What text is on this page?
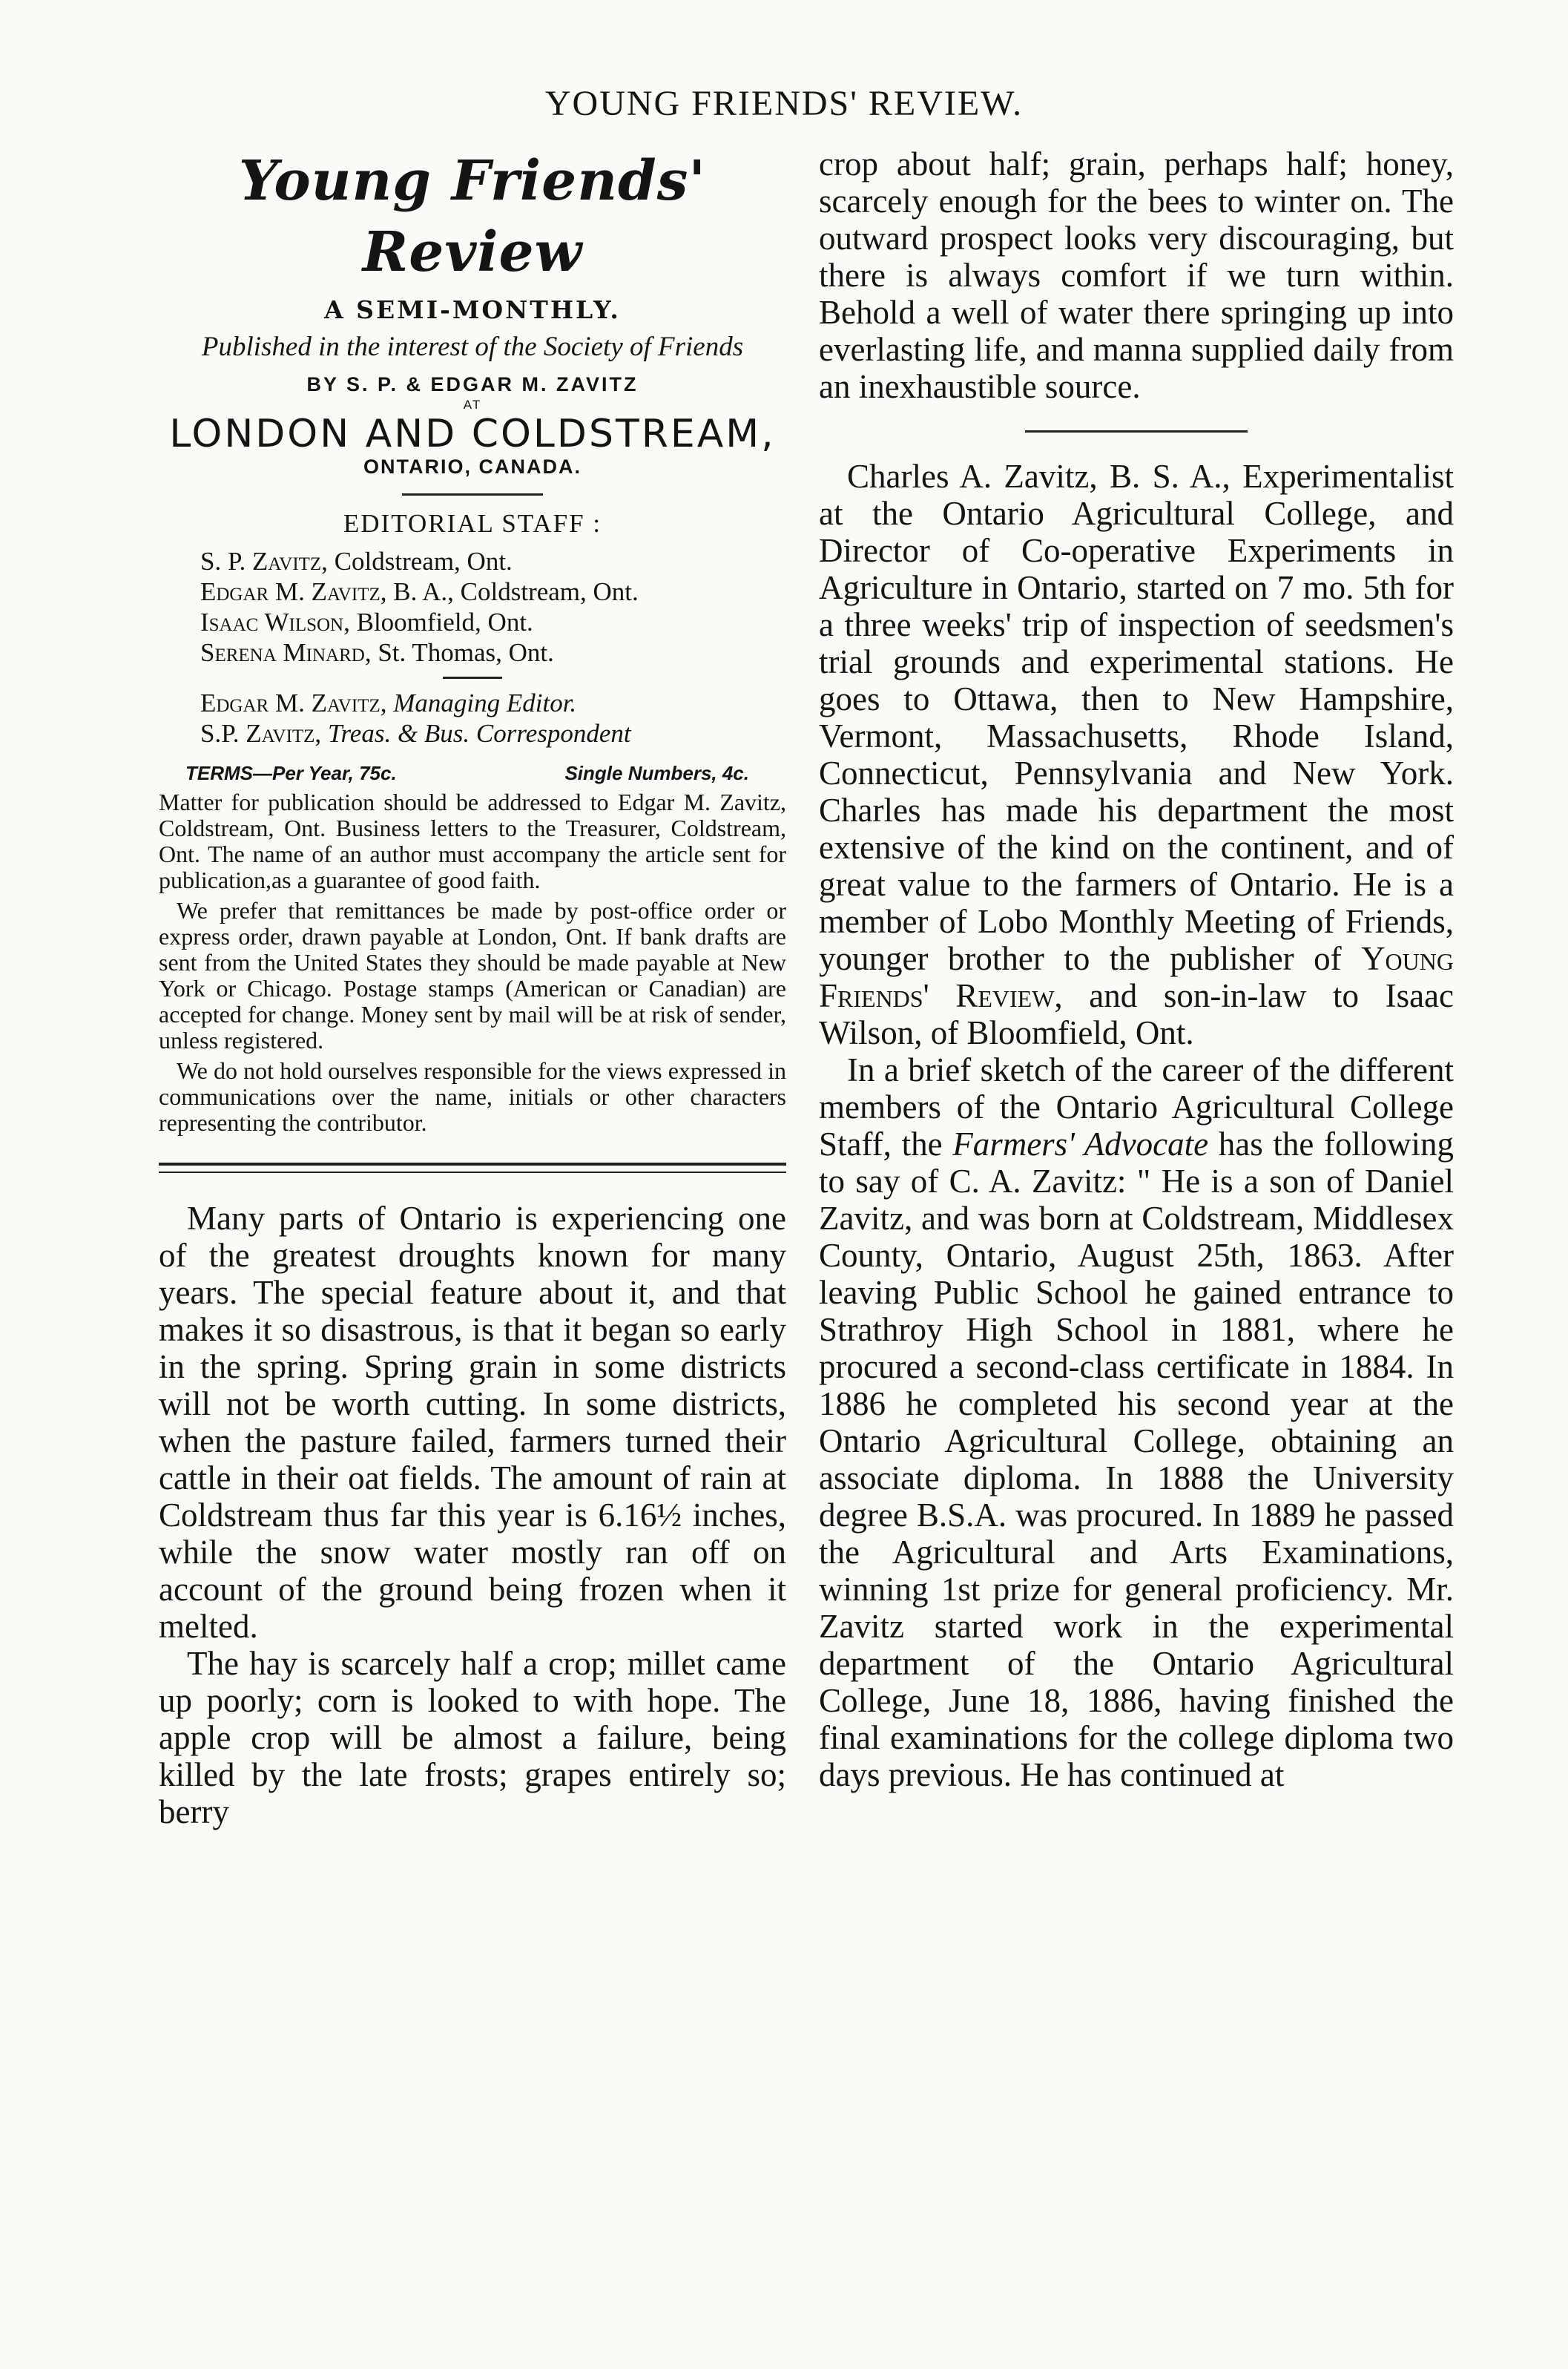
YOUNG FRIENDS' REVIEW.
Young Friends' Review
A SEMI-MONTHLY.
Published in the interest of the Society of Friends
BY S. P. & EDGAR M. ZAVITZ
AT
LONDON AND COLDSTREAM,
ONTARIO, CANADA.
EDITORIAL STAFF :
S. P. Zavitz, Coldstream, Ont.
Edgar M. Zavitz, B. A., Coldstream, Ont.
Isaac Wilson, Bloomfield, Ont.
Serena Minard, St. Thomas, Ont.
Edgar M. Zavitz, Managing Editor.
S.P. Zavitz, Treas. & Bus. Correspondent
TERMS—Per Year, 75c.	Single Numbers, 4c.

Matter for publication should be addressed to Edgar M. Zavitz, Coldstream, Ont. Business letters to the Treasurer, Coldstream, Ont. The name of an author must accompany the article sent for publication,as a guarantee of good faith.

We prefer that remittances be made by post-office order or express order, drawn payable at London, Ont. If bank drafts are sent from the United States they should be made payable at New York or Chicago. Postage stamps (American or Canadian) are accepted for change. Money sent by mail will be at risk of sender, unless registered.

We do not hold ourselves responsible for the views expressed in communications over the name, initials or other characters representing the contributor.

Many parts of Ontario is experiencing one of the greatest droughts known for many years. The special feature about it, and that makes it so disastrous, is that it began so early in the spring. Spring grain in some districts will not be worth cutting. In some districts, when the pasture failed, farmers turned their cattle in their oat fields. The amount of rain at Coldstream thus far this year is 6.16½ inches, while the snow water mostly ran off on account of the ground being frozen when it melted.

The hay is scarcely half a crop; millet came up poorly; corn is looked to with hope. The apple crop will be almost a failure, being killed by the late frosts; grapes entirely so; berry

crop about half; grain, perhaps half; honey, scarcely enough for the bees to winter on. The outward prospect looks very discouraging, but there is always comfort if we turn within. Behold a well of water there springing up into everlasting life, and manna supplied daily from an inexhaustible source.

Charles A. Zavitz, B. S. A., Experimentalist at the Ontario Agricultural College, and Director of Co-operative Experiments in Agriculture in Ontario, started on 7 mo. 5th for a three weeks' trip of inspection of seedsmen's trial grounds and experimental stations. He goes to Ottawa, then to New Hampshire, Vermont, Massachusetts, Rhode Island, Connecticut, Pennsylvania and New York. Charles has made his department the most extensive of the kind on the continent, and of great value to the farmers of Ontario. He is a member of Lobo Monthly Meeting of Friends, younger brother to the publisher of Young Friends' Review, and son-in-law to Isaac Wilson, of Bloomfield, Ont.

In a brief sketch of the career of the different members of the Ontario Agricultural College Staff, the Farmers' Advocate has the following to say of C. A. Zavitz: " He is a son of Daniel Zavitz, and was born at Coldstream, Middlesex County, Ontario, August 25th, 1863. After leaving Public School he gained entrance to Strathroy High School in 1881, where he procured a second-class certificate in 1884. In 1886 he completed his second year at the Ontario Agricultural College, obtaining an associate diploma. In 1888 the University degree B.S.A. was procured. In 1889 he passed the Agricultural and Arts Examinations, winning 1st prize for general proficiency. Mr. Zavitz started work in the experimental department of the Ontario Agricultural College, June 18, 1886, having finished the final examinations for the college diploma two days previous. He has continued at
